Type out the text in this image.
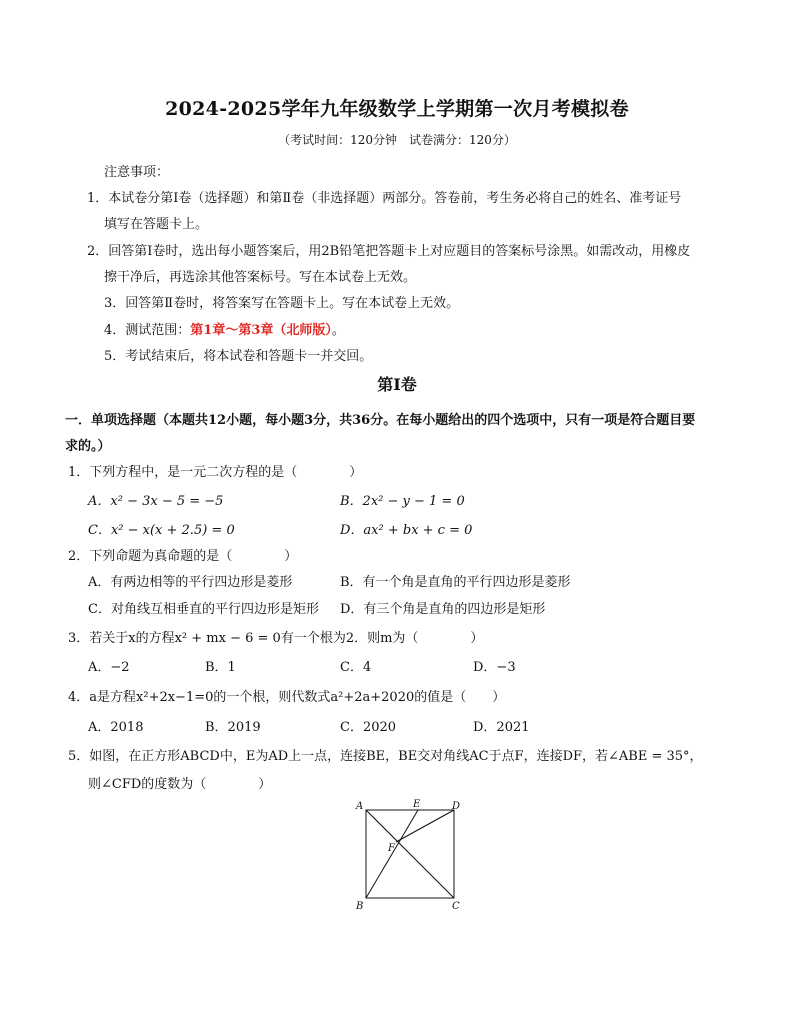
2024-2025学年九年级数学上学期第一次月考模拟卷
（考试时间：120分钟　试卷满分：120分）
注意事项：
1．本试卷分第Ⅰ卷（选择题）和第Ⅱ卷（非选择题）两部分。答卷前，考生务必将自己的姓名、准考证号
填写在答题卡上。
2．回答第Ⅰ卷时，选出每小题答案后，用2B铅笔把答题卡上对应题目的答案标号涂黑。如需改动，用橡皮
擦干净后，再选涂其他答案标号。写在本试卷上无效。
3．回答第Ⅱ卷时，将答案写在答题卡上。写在本试卷上无效。
4．测试范围：第1章～第3章（北师版）。
5．考试结束后，将本试卷和答题卡一并交回。
第Ⅰ卷
一．单项选择题（本题共12小题，每小题3分，共36分。在每小题给出的四个选项中，只有一项是符合题目要
求的。）
1．下列方程中，是一元二次方程的是（　　　　）
A．x² − 3x − 5 = −5	B．2x² − y − 1 = 0
C．x² − x(x + 2.5) = 0	D．ax² + bx + c = 0
2．下列命题为真命题的是（　　　　）
A．有两边相等的平行四边形是菱形	B．有一个角是直角的平行四边形是菱形
C．对角线互相垂直的平行四边形是矩形 D．有三个角是直角的四边形是矩形
3．若关于x的方程x² + mx − 6 = 0有一个根为2．则m为（　　　　）
A．−2	B．1	C．4	D．−3
4．a是方程x²+2x−1=0的一个根，则代数式a²+2a+2020的值是（　　）
A．2018	B．2019	C．2020	D．2021
5．如图，在正方形ABCD中，E为AD上一点，连接BE，BE交对角线AC于点F，连接DF，若∠ABE = 35°，
则∠CFD的度数为（　　　　）
A	E	D
F
B	C
